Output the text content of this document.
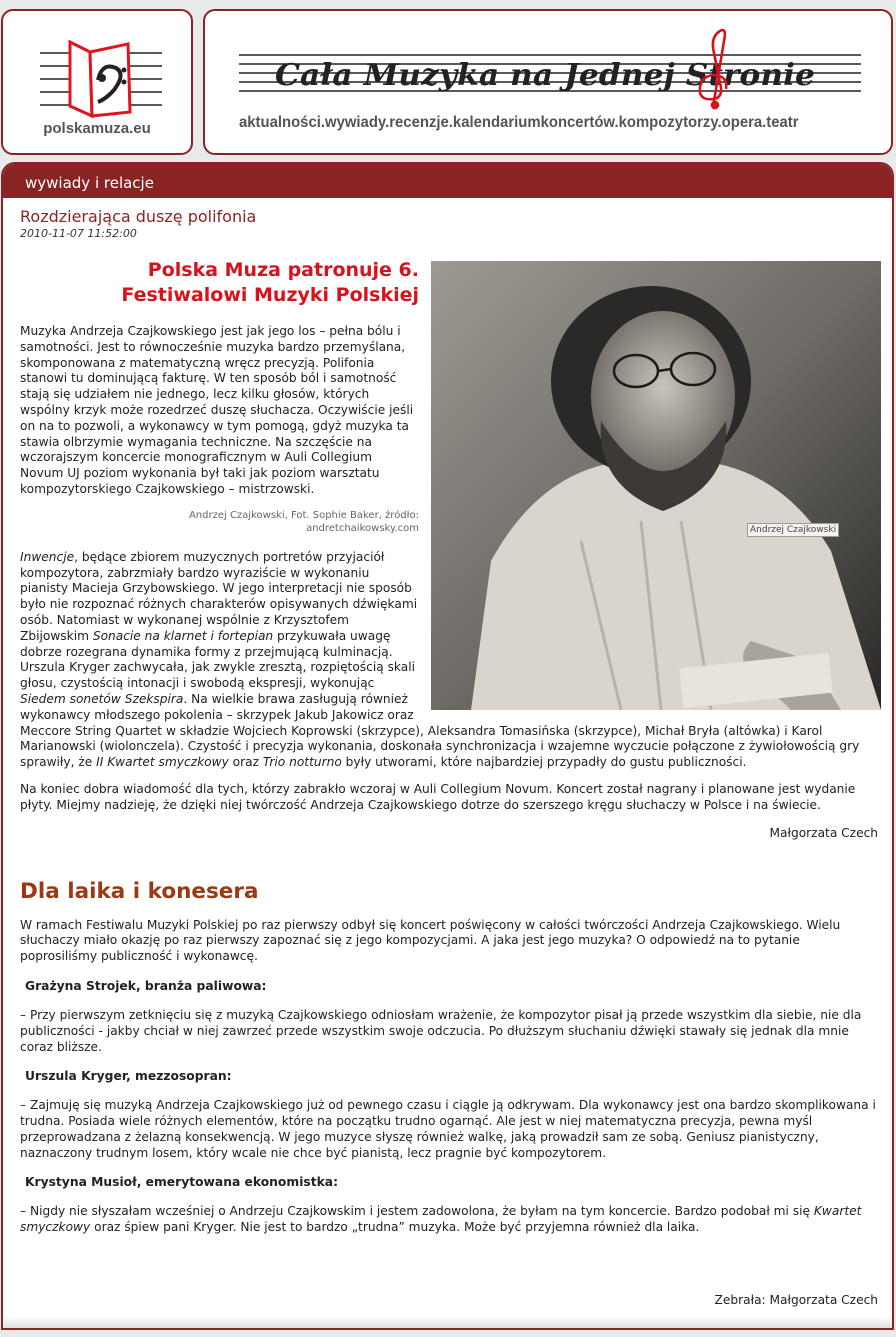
polskamuza.eu
Cała Muzyka na Jednej Stronie
aktualności.wywiady.recenzje.kalendariumkoncertów.kompozytorzy.opera.teatr
wywiady i relacje
Rozdzierająca duszę polifonia
2010-11-07 11:52:00
Andrzej Czajkowski
Polska Muza patronuje 6.
Festiwalowi Muzyki Polskiej

Muzyka Andrzeja Czajkowskiego jest jak jego los – pełna bólu i samotności. Jest to równocześnie muzyka bardzo przemyślana, skomponowana z matematyczną wręcz precyzją. Polifonia stanowi tu dominującą fakturę. W ten sposób ból i samotność stają się udziałem nie jednego, lecz kilku głosów, których wspólny krzyk może rozedrzeć duszę słuchacza. Oczywiście jeśli on na to pozwoli, a wykonawcy w tym pomogą, gdyż muzyka ta stawia olbrzymie wymagania techniczne. Na szczęście na wczorajszym koncercie monograficznym w Auli Collegium Novum UJ poziom wykonania był taki jak poziom warsztatu kompozytorskiego Czajkowskiego – mistrzowski.

Andrzej Czajkowski, Fot. Sophie Baker, źródło:
andretchaikowsky.com

Inwencje, będące zbiorem muzycznych portretów przyjaciół kompozytora, zabrzmiały bardzo wyraziście w wykonaniu pianisty Macieja Grzybowskiego. W jego interpretacji nie sposób było nie rozpoznać różnych charakterów opisywanych dźwiękami osób. Natomiast w wykonanej wspólnie z Krzysztofem Zbijowskim Sonacie na klarnet i fortepian przykuwała uwagę dobrze rozegrana dynamika formy z przejmującą kulminacją. Urszula Kryger zachwycała, jak zwykle zresztą, rozpiętością skali głosu, czystością intonacji i swobodą ekspresji, wykonując Siedem sonetów Szekspira. Na wielkie brawa zasługują również wykonawcy młodszego pokolenia – skrzypek Jakub Jakowicz oraz Meccore String Quartet w składzie Wojciech Koprowski (skrzypce), Aleksandra Tomasińska (skrzypce), Michał Bryła (altówka) i Karol Marianowski (wiolonczela). Czystość i precyzja wykonania, doskonała synchronizacja i wzajemne wyczucie połączone z żywiołowością gry sprawiły, że II Kwartet smyczkowy oraz Trio notturno były utworami, które najbardziej przypadły do gustu publiczności.

Na koniec dobra wiadomość dla tych, którzy zabrakło wczoraj w Auli Collegium Novum. Koncert został nagrany i planowane jest wydanie płyty. Miejmy nadzieję, że dzięki niej twórczość Andrzeja Czajkowskiego dotrze do szerszego kręgu słuchaczy w Polsce i na świecie.

Małgorzata Czech
Dla laika i konesera

W ramach Festiwalu Muzyki Polskiej po raz pierwszy odbył się koncert poświęcony w całości twórczości Andrzeja Czajkowskiego. Wielu słuchaczy miało okazję po raz pierwszy zapoznać się z jego kompozycjami. A jaka jest jego muzyka? O odpowiedź na to pytanie poprosiliśmy publiczność i wykonawcę.

Grażyna Strojek, branża paliwowa:

– Przy pierwszym zetknięciu się z muzyką Czajkowskiego odniosłam wrażenie, że kompozytor pisał ją przede wszystkim dla siebie, nie dla publiczności - jakby chciał w niej zawrzeć przede wszystkim swoje odczucia. Po dłuższym słuchaniu dźwięki stawały się jednak dla mnie coraz bliższe.

Urszula Kryger, mezzosopran:

– Zajmuję się muzyką Andrzeja Czajkowskiego już od pewnego czasu i ciągle ją odkrywam. Dla wykonawcy jest ona bardzo skomplikowana i trudna. Posiada wiele różnych elementów, które na początku trudno ogarnąć. Ale jest w niej matematyczna precyzja, pewna myśl przeprowadzana z żelazną konsekwencją. W jego muzyce słyszę również walkę, jaką prowadził sam ze sobą. Geniusz pianistyczny, naznaczony trudnym losem, który wcale nie chce być pianistą, lecz pragnie być kompozytorem.

Krystyna Musioł, emerytowana ekonomistka:

– Nigdy nie słyszałam wcześniej o Andrzeju Czajkowskim i jestem zadowolona, że byłam na tym koncercie. Bardzo podobał mi się Kwartet smyczkowy oraz śpiew pani Kryger. Nie jest to bardzo „trudna” muzyka. Może być przyjemna również dla laika.

Zebrała: Małgorzata Czech
